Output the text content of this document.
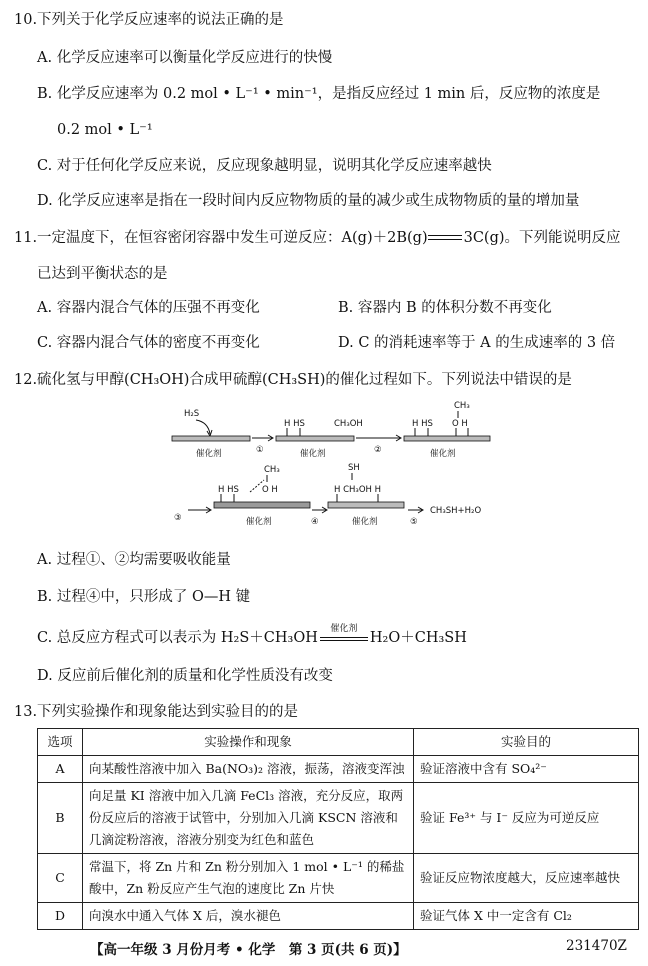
10.下列关于化学反应速率的说法正确的是
A. 化学反应速率可以衡量化学反应进行的快慢
B. 化学反应速率为 0.2 mol • L⁻¹ • min⁻¹，是指反应经过 1 min 后，反应物的浓度是
0.2 mol • L⁻¹
C. 对于任何化学反应来说，反应现象越明显，说明其化学反应速率越快
D. 化学反应速率是指在一段时间内反应物物质的量的减少或生成物物质的量的增加量
11.一定温度下，在恒容密闭容器中发生可逆反应：A(g)＋2B(g) 3C(g)。下列能说明反应
已达到平衡状态的是
A. 容器内混合气体的压强不再变化	B. 容器内 B 的体积分数不再变化
C. 容器内混合气体的密度不再变化	D. C 的消耗速率等于 A 的生成速率的 3 倍
12.硫化氢与甲醇(CH₃OH)合成甲硫醇(CH₃SH)的催化过程如下。下列说法中错误的是
H₂S
催化剂	①
H HS
催化剂
CH₃OH
②
H HS
CH₃
O H
催化剂
③
H HS
CH₃
O H
催化剂	④
SH
H CH₃OH H
催化剂	⑤
CH₃SH+H₂O
A. 过程①、②均需要吸收能量
B. 过程④中，只形成了 O—H 键
C. 总反应方程式可以表示为 H₂S＋CH₃OH
催化剂
H₂O＋CH₃SH
D. 反应前后催化剂的质量和化学性质没有改变
13.下列实验操作和现象能达到实验目的的是
选项	实验操作和现象	实验目的
A	向某酸性溶液中加入 Ba(NO₃)₂ 溶液，振荡，溶液变浑浊	验证溶液中含有 SO₄²⁻
B	向足量 KI 溶液中加入几滴 FeCl₃ 溶液，充分反应，取两份反应后的溶液于试管中，分别加入几滴 KSCN 溶液和几滴淀粉溶液，溶液分别变为红色和蓝色	验证 Fe³⁺ 与 I⁻ 反应为可逆反应
C	常温下，将 Zn 片和 Zn 粉分别加入 1 mol • L⁻¹ 的稀盐酸中，Zn 粉反应产生气泡的速度比 Zn 片快	验证反应物浓度越大，反应速率越快
D	向溴水中通入气体 X 后，溴水褪色	验证气体 X 中一定含有 Cl₂
【高一年级 3 月份月考 • 化学　第 3 页(共 6 页)】	231470Z
